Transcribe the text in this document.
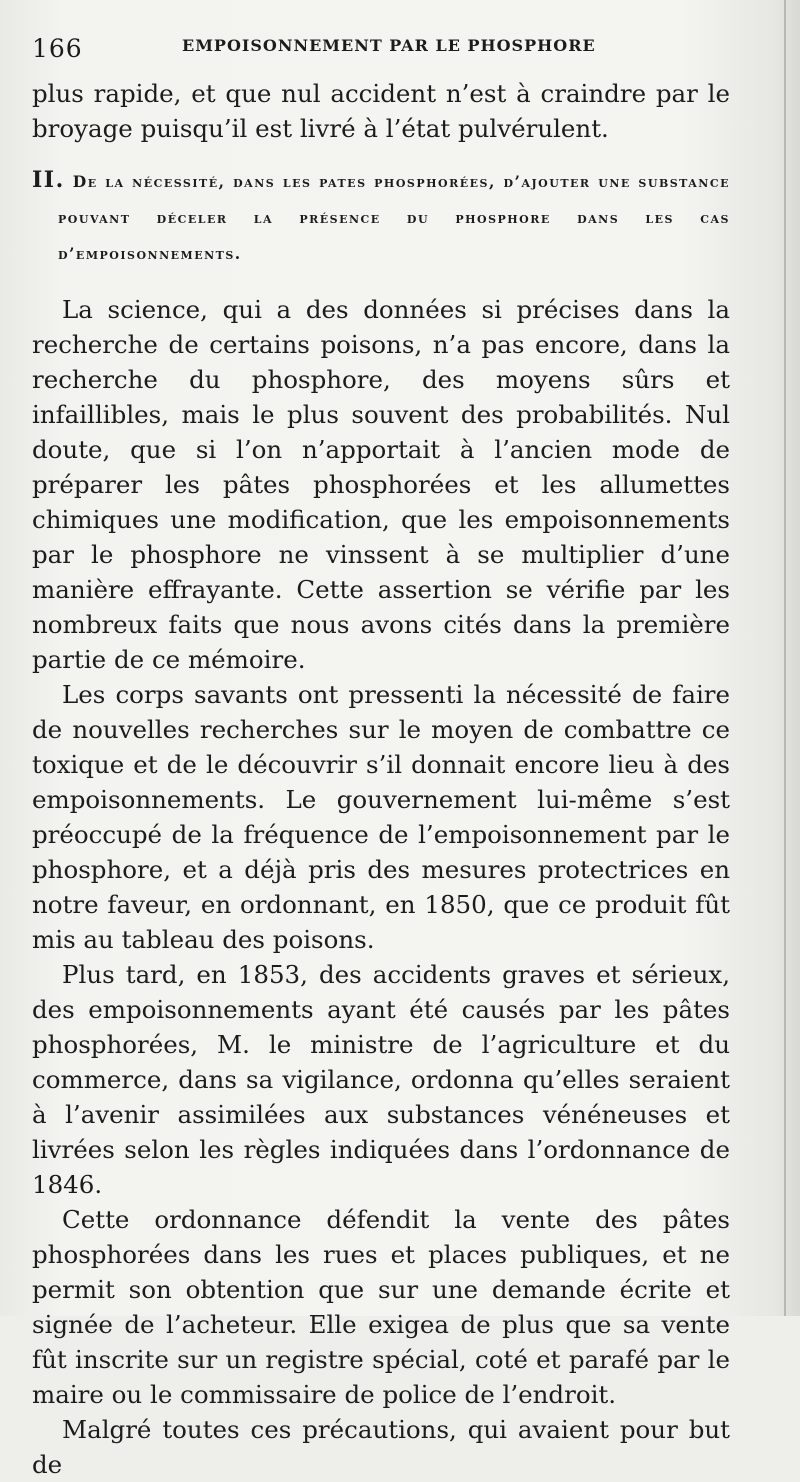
166	EMPOISONNEMENT PAR LE PHOSPHORE

plus rapide, et que nul accident n’est à craindre par le broyage puisqu’il est livré à l’état pulvérulent.

II. De la nécessité, dans les pates phosphorées, d’ajouter une substance pouvant déceler la présence du phosphore dans les cas d’empoisonnements.

La science, qui a des données si précises dans la recherche de certains poisons, n’a pas encore, dans la recherche du phosphore, des moyens sûrs et infaillibles, mais le plus souvent des probabilités. Nul doute, que si l’on n’apportait à l’ancien mode de préparer les pâtes phosphorées et les allumettes chimiques une modification, que les empoisonnements par le phosphore ne vinssent à se multiplier d’une manière effrayante. Cette assertion se vérifie par les nombreux faits que nous avons cités dans la première partie de ce mémoire.

Les corps savants ont pressenti la nécessité de faire de nouvelles recherches sur le moyen de combattre ce toxique et de le découvrir s’il donnait encore lieu à des empoisonnements. Le gouvernement lui-même s’est préoccupé de la fréquence de l’empoisonnement par le phosphore, et a déjà pris des mesures protectrices en notre faveur, en ordonnant, en 1850, que ce produit fût mis au tableau des poisons.

Plus tard, en 1853, des accidents graves et sérieux, des empoisonnements ayant été causés par les pâtes phosphorées, M. le ministre de l’agriculture et du commerce, dans sa vigilance, ordonna qu’elles seraient à l’avenir assimilées aux substances vénéneuses et livrées selon les règles indiquées dans l’ordonnance de 1846.

Cette ordonnance défendit la vente des pâtes phosphorées dans les rues et places publiques, et ne permit son obtention que sur une demande écrite et signée de l’acheteur. Elle exigea de plus que sa vente fût inscrite sur un registre spécial, coté et parafé par le maire ou le commissaire de police de l’endroit.

Malgré toutes ces précautions, qui avaient pour but de
